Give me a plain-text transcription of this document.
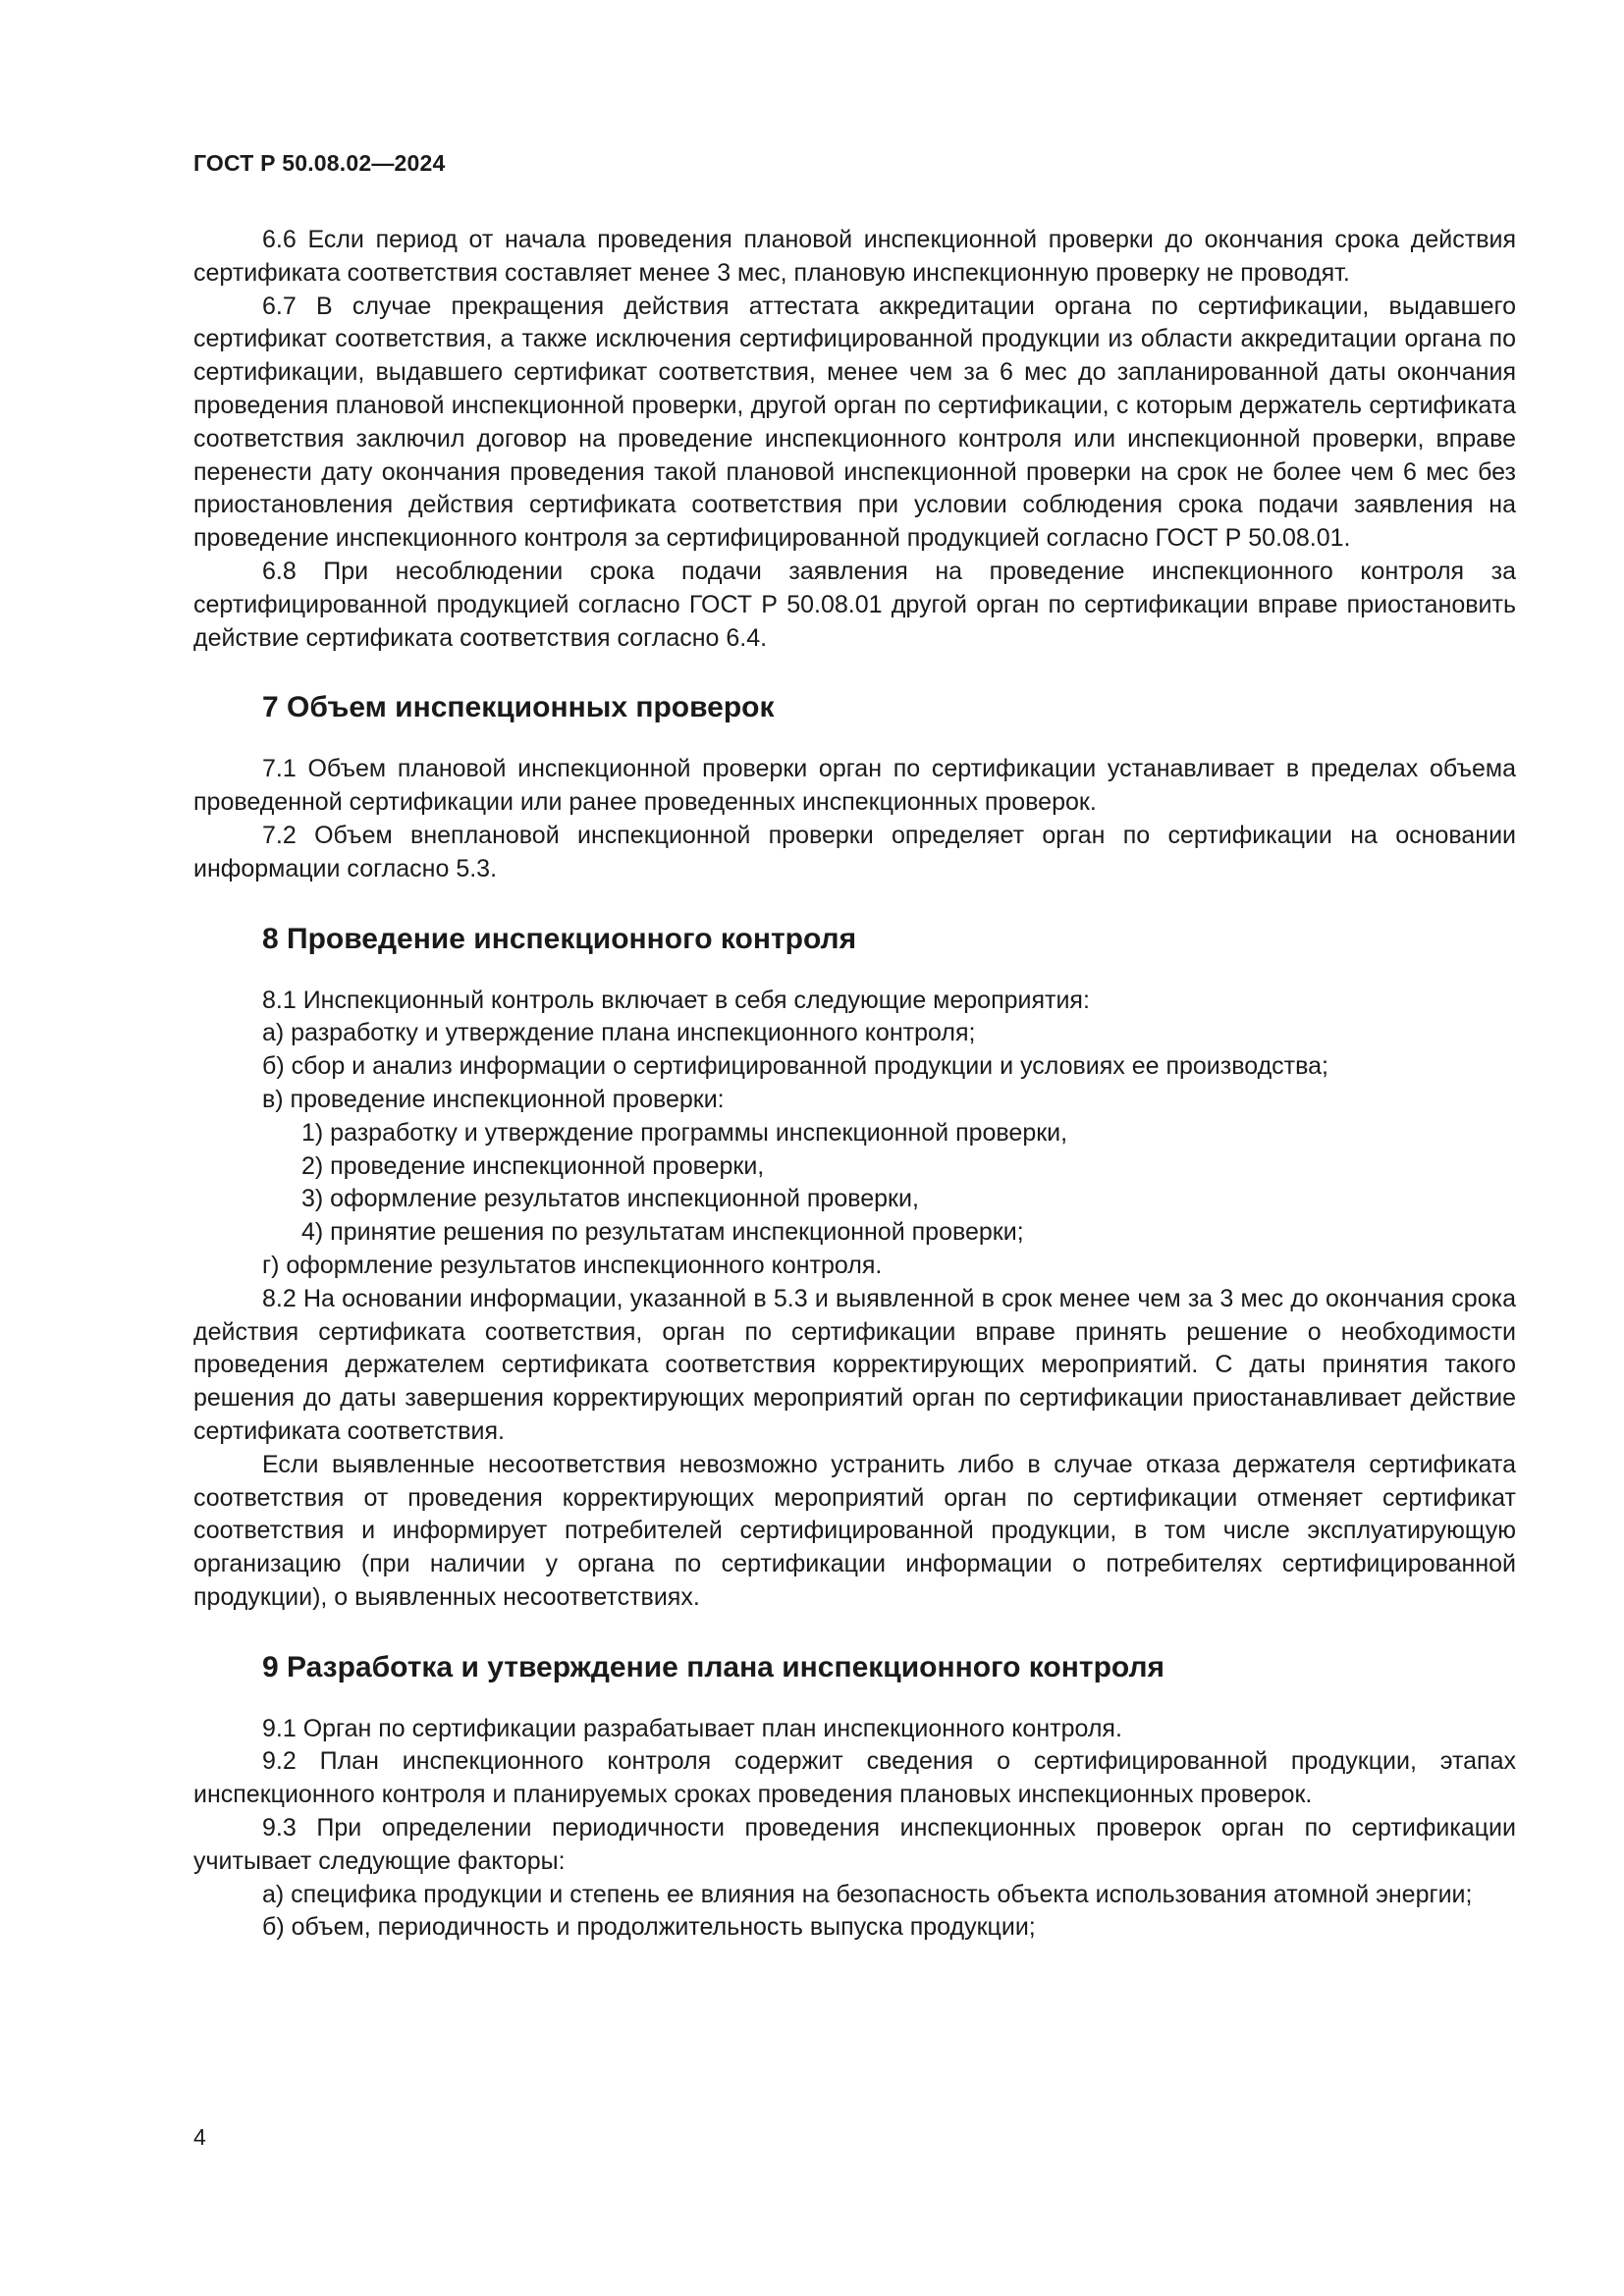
ГОСТ Р 50.08.02—2024

6.6 Если период от начала проведения плановой инспекционной проверки до окончания срока действия сертификата соответствия составляет менее 3 мес, плановую инспекционную проверку не проводят.

6.7 В случае прекращения действия аттестата аккредитации органа по сертификации, выдавшего сертификат соответствия, а также исключения сертифицированной продукции из области аккредитации органа по сертификации, выдавшего сертификат соответствия, менее чем за 6 мес до запланированной даты окончания проведения плановой инспекционной проверки, другой орган по сертификации, с которым держатель сертификата соответствия заключил договор на проведение инспекционного контроля или инспекционной проверки, вправе перенести дату окончания проведения такой плановой инспекционной проверки на срок не более чем 6 мес без приостановления действия сертификата соответствия при условии соблюдения срока подачи заявления на проведение инспекционного контроля за сертифицированной продукцией согласно ГОСТ Р 50.08.01.

6.8 При несоблюдении срока подачи заявления на проведение инспекционного контроля за сертифицированной продукцией согласно ГОСТ Р 50.08.01 другой орган по сертификации вправе приостановить действие сертификата соответствия согласно 6.4.

7 Объем инспекционных проверок

7.1 Объем плановой инспекционной проверки орган по сертификации устанавливает в пределах объема проведенной сертификации или ранее проведенных инспекционных проверок.

7.2 Объем внеплановой инспекционной проверки определяет орган по сертификации на основании информации согласно 5.3.

8 Проведение инспекционного контроля

8.1 Инспекционный контроль включает в себя следующие мероприятия:

а) разработку и утверждение плана инспекционного контроля;

б) сбор и анализ информации о сертифицированной продукции и условиях ее производства;

в) проведение инспекционной проверки:

1) разработку и утверждение программы инспекционной проверки,

2) проведение инспекционной проверки,

3) оформление результатов инспекционной проверки,

4) принятие решения по результатам инспекционной проверки;

г) оформление результатов инспекционного контроля.

8.2 На основании информации, указанной в 5.3 и выявленной в срок менее чем за 3 мес до окончания срока действия сертификата соответствия, орган по сертификации вправе принять решение о необходимости проведения держателем сертификата соответствия корректирующих мероприятий. С даты принятия такого решения до даты завершения корректирующих мероприятий орган по сертификации приостанавливает действие сертификата соответствия.

Если выявленные несоответствия невозможно устранить либо в случае отказа держателя сертификата соответствия от проведения корректирующих мероприятий орган по сертификации отменяет сертификат соответствия и информирует потребителей сертифицированной продукции, в том числе эксплуатирующую организацию (при наличии у органа по сертификации информации о потребителях сертифицированной продукции), о выявленных несоответствиях.

9 Разработка и утверждение плана инспекционного контроля

9.1 Орган по сертификации разрабатывает план инспекционного контроля.

9.2 План инспекционного контроля содержит сведения о сертифицированной продукции, этапах инспекционного контроля и планируемых сроках проведения плановых инспекционных проверок.

9.3 При определении периодичности проведения инспекционных проверок орган по сертификации учитывает следующие факторы:

а) специфика продукции и степень ее влияния на безопасность объекта использования атомной энергии;

б) объем, периодичность и продолжительность выпуска продукции;

4
